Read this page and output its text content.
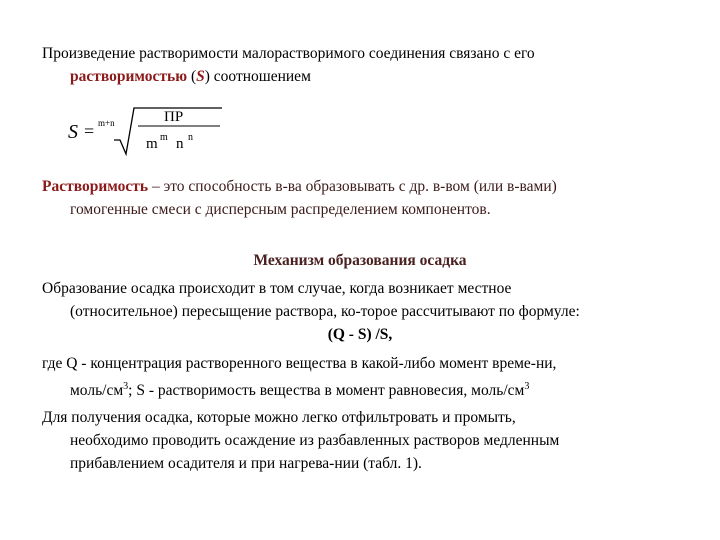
Произведение растворимости малорастворимого соединения связано с его
растворимостью (S) соотношением
S = m+n	ПР
m m n n
Растворимость – это способность в-ва образовывать с др. в-вом (или в-вами)
гомогенные смеси с дисперсным распределением компонентов.
Механизм образования осадка
Образование осадка происходит в том случае, когда возникает местное
(относительное) пересыщение раствора, ко-торое рассчитывают по формуле:
(Q - S) /S,
где Q - концентрация растворенного вещества в какой-либо момент време-ни,
моль/$см^3$; S - растворимость вещества в момент равновесия, моль/$см^3$
Для получения осадка, которые можно легко отфильтровать и промыть,
необходимо проводить осаждение из разбавленных растворов медленным
прибавлением осадителя и при нагрева-нии (табл. 1).
